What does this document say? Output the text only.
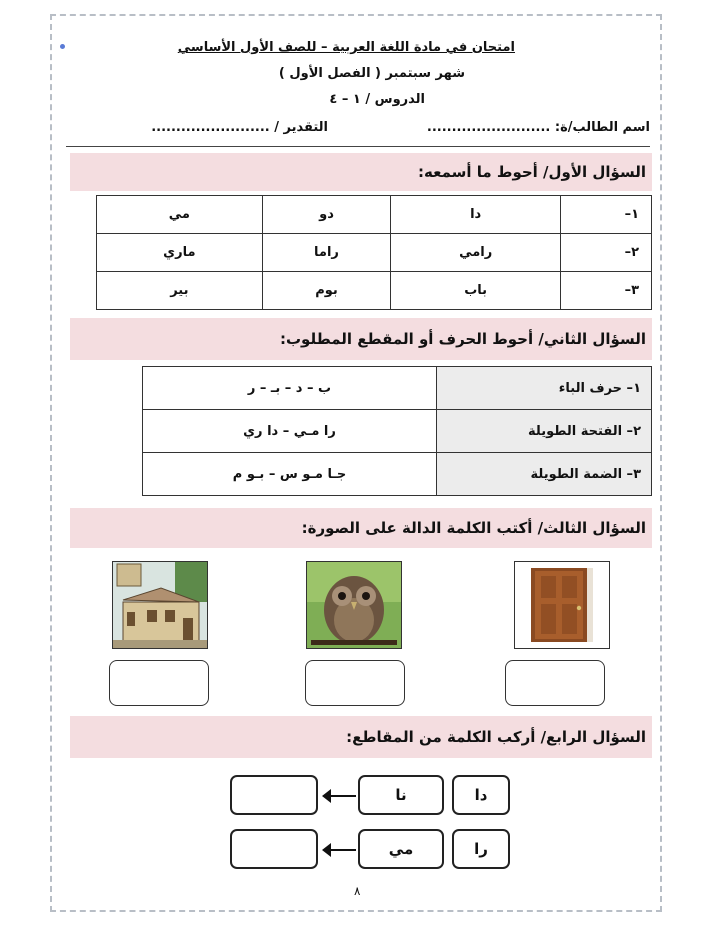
امتحان في مادة اللغة العربية – للصف الأول الأساسي
شهر سبتمبر ( الفصل الأول )
الدروس / ١ – ٤
اسم الطالب/ة: .........................
التقدير / ........................
السؤال الأول/ أحوط ما أسمعه:
١–	دا	دو	مي
٢–	رامي	راما	ماري
٣–	باب	بوم	بير
السؤال الثاني/ أحوط الحرف أو المقطع المطلوب:
١– حرف الباء	ب – د – بـ – ر
٢– الفتحة الطويلة	را مـي – دا ري
٣– الضمة الطويلة	جـا مـو س – بـو م
السؤال الثالث/ أكتب الكلمة الدالة على الصورة:
السؤال الرابع/ أركب الكلمة من المقاطع:
دا
نا
را
مي
٨
